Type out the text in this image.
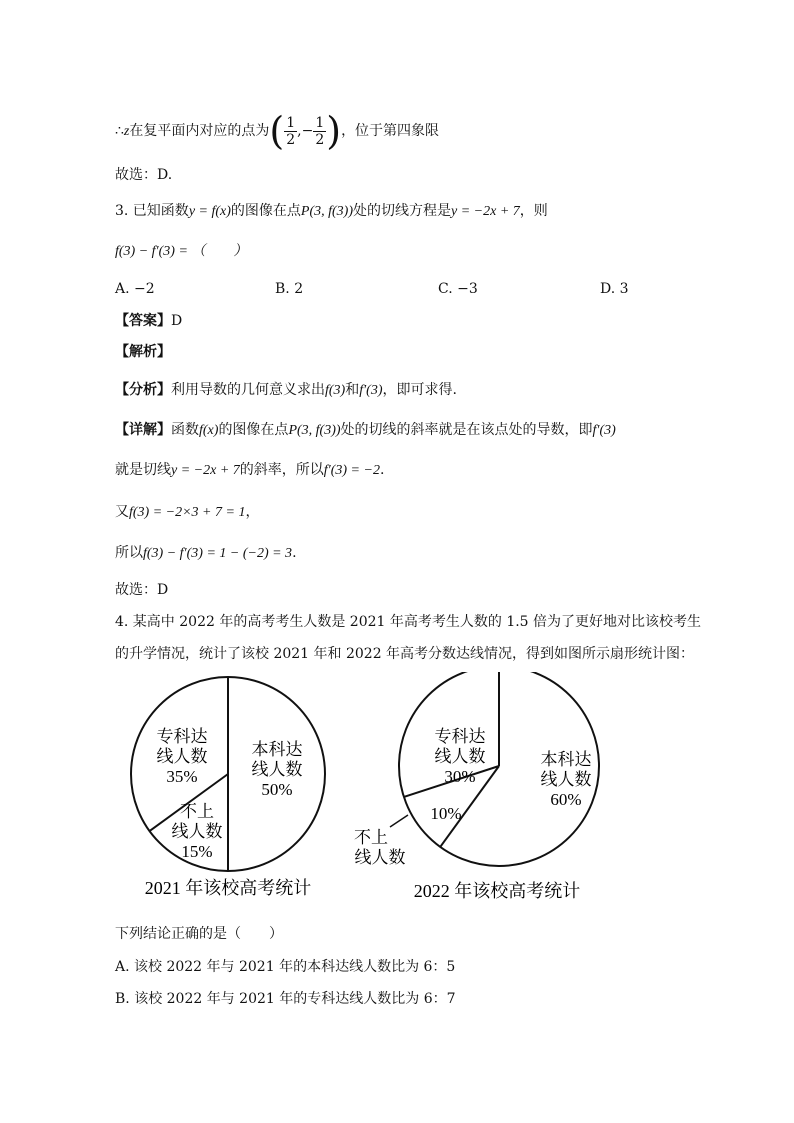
∴z在复平面内对应的点为( $\frac{1}{2}$ ,− $\frac{1}{2}$ )，位于第四象限
故选：D.
3. 已知函数y = f(x)的图像在点P(3, f(3))处的切线方程是y = −2x + 7，则
f(3) − f′(3) = （　　）
A. −2	B. 2	C. −3	D. 3
【答案】D
【解析】
【分析】利用导数的几何意义求出f(3)和f′(3)，即可求得.
【详解】函数f(x)的图像在点P(3, f(3))处的切线的斜率就是在该点处的导数，即f′(3)
就是切线y = −2x + 7的斜率，所以f′(3) = −2.
又f(3) = −2×3 + 7 = 1，
所以f(3) − f′(3) = 1 − (−2) = 3.
故选：D
4. 某高中 2022 年的高考考生人数是 2021 年高考考生人数的 1.5 倍为了更好地对比该校考生
的升学情况，统计了该校 2021 年和 2022 年高考分数达线情况，得到如图所示扇形统计图：
本科达
线人数
50%
不上
线人数
15%
专科达
线人数
35%
2021 年该校高考统计
本科达
线人数
60%
10%
专科达
线人数
30%
不上
线人数
2022 年该校高考统计
下列结论正确的是（　　）
A. 该校 2022 年与 2021 年的本科达线人数比为 6：5
B. 该校 2022 年与 2021 年的专科达线人数比为 6：7
